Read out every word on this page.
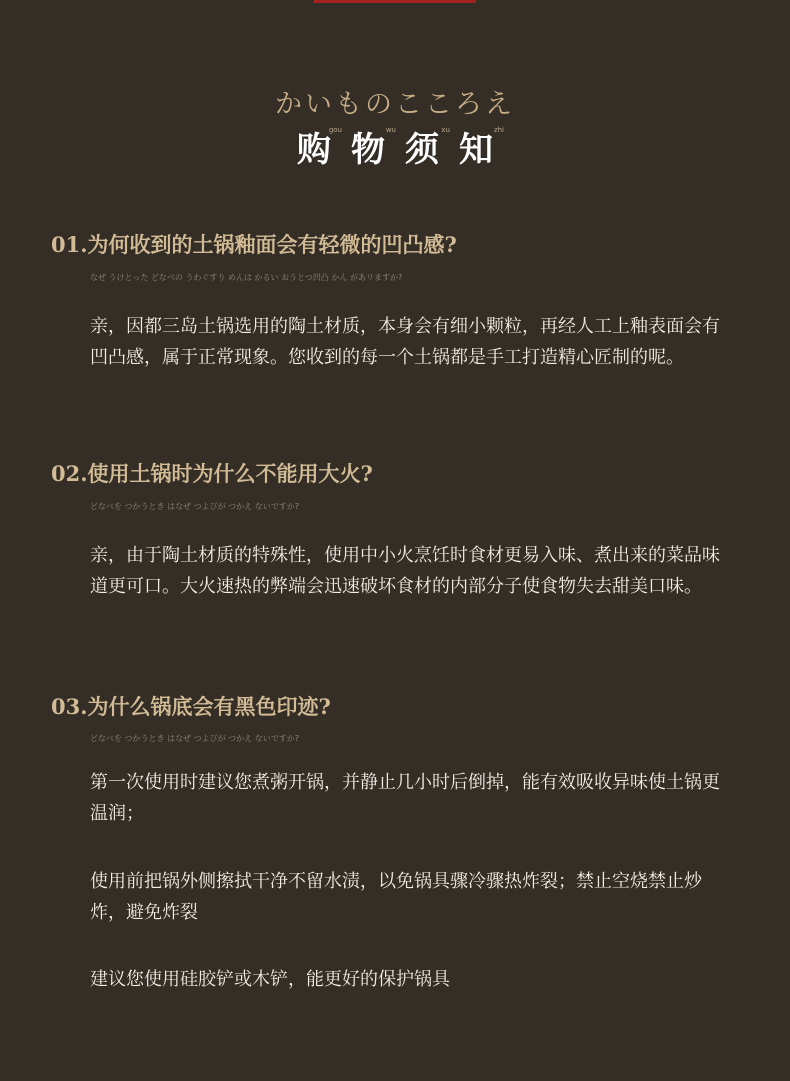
かいものこころえ
gou
购	wu
物	xu
须	zhi
知
01.为何收到的土锅釉面会有轻微的凹凸感?
なぜ うけとった どなべの うわぐすり めんは かるい おうとつ凹凸 かん があリますか?

亲，因都三岛土锅选用的陶土材质，本身会有细小颗粒，再经人工上釉表面会有凹凸感，属于正常现象。您收到的每一个土锅都是手工打造精心匠制的呢。

02.使用土锅时为什么不能用大火?
どなべを つかうとき はなぜ つよびが つかえ ないですか?

亲，由于陶土材质的特殊性，使用中小火烹饪时食材更易入味、煮出来的菜品味道更可口。大火速热的弊端会迅速破坏食材的内部分子使食物失去甜美口味。

03.为什么锅底会有黑色印迹?
どなべを つかうとき はなぜ つよびが つかえ ないですか?

第一次使用时建议您煮粥开锅，并静止几小时后倒掉，能有效吸收异味使土锅更温润；

使用前把锅外侧擦拭干净不留水渍，以免锅具骤冷骤热炸裂；禁止空烧禁止炒炸，避免炸裂

建议您使用硅胶铲或木铲，能更好的保护锅具
